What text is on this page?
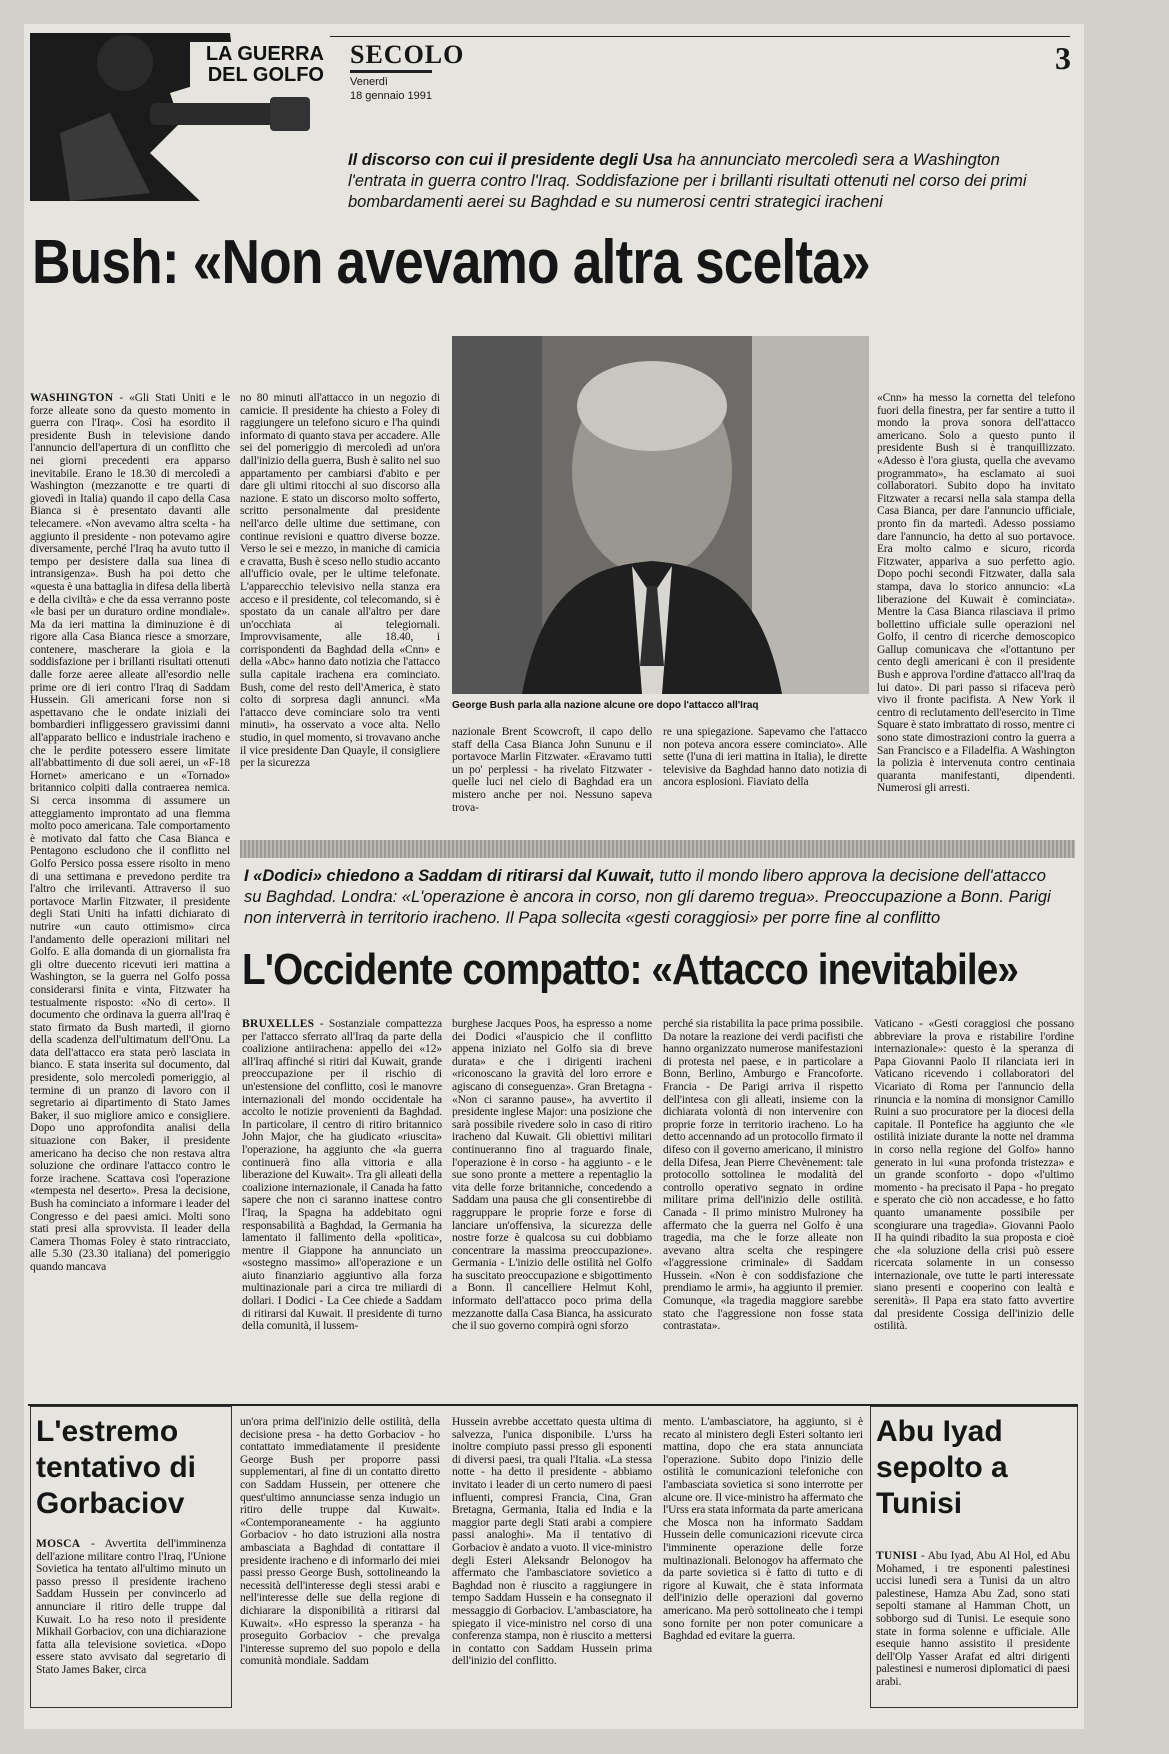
LA GUERRA DEL GOLFO
SECOLO
Venerdì
18 gennaio 1991
3
Il discorso con cui il presidente degli Usa ha annunciato mercoledì sera a Washington l'entrata in guerra contro l'Iraq. Soddisfazione per i brillanti risultati ottenuti nel corso dei primi bombardamenti aerei su Baghdad e su numerosi centri strategici iracheni
Bush: «Non avevamo altra scelta»
George Bush parla alla nazione alcune ore dopo l'attacco all'Iraq
WASHINGTON - «Gli Stati Uniti e le forze alleate sono da questo momento in guerra con l'Iraq». Così ha esordito il presidente Bush in televisione dando l'annuncio dell'apertura di un conflitto che nei giorni precedenti era apparso inevitabile. Erano le 18.30 di mercoledì a Washington (mezzanotte e tre quarti di giovedì in Italia) quando il capo della Casa Bianca si è presentato davanti alle telecamere. «Non avevamo altra scelta - ha aggiunto il presidente - non potevamo agire diversamente, perché l'Iraq ha avuto tutto il tempo per desistere dalla sua linea di intransigenza». Bush ha poi detto che «questa è una battaglia in difesa della libertà e della civiltà» e che da essa verranno poste «le basi per un duraturo ordine mondiale». Ma da ieri mattina la diminuzione è di rigore alla Casa Bianca riesce a smorzare, contenere, mascherare la gioia e la soddisfazione per i brillanti risultati ottenuti dalle forze aeree alleate all'esordio nelle prime ore di ieri contro l'Iraq di Saddam Hussein. Gli americani forse non si aspettavano che le ondate iniziali dei bombardieri infliggessero gravissimi danni all'apparato bellico e industriale iracheno e che le perdite potessero essere limitate all'abbattimento di due soli aerei, un «F-18 Hornet» americano e un «Tornado» britannico colpiti dalla contraerea nemica. Si cerca insomma di assumere un atteggiamento improntato ad una flemma molto poco americana. Tale comportamento è motivato dal fatto che Casa Bianca e Pentagono escludono che il conflitto nel Golfo Persico possa essere risolto in meno di una settimana e prevedono perdite tra l'altro che irrilevanti. Attraverso il suo portavoce Marlin Fitzwater, il presidente degli Stati Uniti ha infatti dichiarato di nutrire «un cauto ottimismo» circa l'andamento delle operazioni militari nel Golfo. E alla domanda di un giornalista fra gli oltre duecento ricevuti ieri mattina a Washington, se la guerra nel Golfo possa considerarsi finita e vinta, Fitzwater ha testualmente risposto: «No di certo». Il documento che ordinava la guerra all'Iraq è stato firmato da Bush martedì, il giorno della scadenza dell'ultimatum dell'Onu. La data dell'attacco era stata però lasciata in bianco. E stata inserita sul documento, dal presidente, solo mercoledì pomeriggio, al termine di un pranzo di lavoro con il segretario ai dipartimento di Stato James Baker, il suo migliore amico e consigliere. Dopo uno approfondita analisi della situazione con Baker, il presidente americano ha deciso che non restava altra soluzione che ordinare l'attacco contro le forze irachene. Scattava così l'operazione «tempesta nel deserto». Presa la decisione, Bush ha cominciato a informare i leader del Congresso e dei paesi amici. Molti sono stati presi alla sprovvista. Il leader della Camera Thomas Foley è stato rintracciato, alle 5.30 (23.30 italiana) del pomeriggio quando mancava
no 80 minuti all'attacco in un negozio di camicie. Il presidente ha chiesto a Foley di raggiungere un telefono sicuro e l'ha quindi informato di quanto stava per accadere. Alle sei del pomeriggio di mercoledì ad un'ora dall'inizio della guerra, Bush è salito nel suo appartamento per cambiarsi d'abito e per dare gli ultimi ritocchi al suo discorso alla nazione. E stato un discorso molto sofferto, scritto personalmente dal presidente nell'arco delle ultime due settimane, con continue revisioni e quattro diverse bozze. Verso le sei e mezzo, in maniche di camicia e cravatta, Bush è sceso nello studio accanto all'ufficio ovale, per le ultime telefonate. L'apparecchio televisivo nella stanza era acceso e il presidente, col telecomando, si è spostato da un canale all'altro per dare un'occhiata ai telegiornali. Improvvisamente, alle 18.40, i corrispondenti da Baghdad della «Cnn» e della «Abc» hanno dato notizia che l'attacco sulla capitale irachena era cominciato. Bush, come del resto dell'America, è stato colto di sorpresa dagli annunci. «Ma l'attacco deve cominciare solo tra venti minuti», ha osservato a voce alta. Nello studio, in quel momento, si trovavano anche il vice presidente Dan Quayle, il consigliere per la sicurezza
nazionale Brent Scowcroft, il capo dello staff della Casa Bianca John Sununu e il portavoce Marlin Fitzwater. «Eravamo tutti un po' perplessi - ha rivelato Fitzwater - quelle luci nel cielo di Baghdad era un mistero anche per noi. Nessuno sapeva trova-
re una spiegazione. Sapevamo che l'attacco non poteva ancora essere cominciato». Alle sette (l'una di ieri mattina in Italia), le dirette televisive da Baghdad hanno dato notizia di ancora esplosioni. Fiaviato della
«Cnn» ha messo la cornetta del telefono fuori della finestra, per far sentire a tutto il mondo la prova sonora dell'attacco americano. Solo a questo punto il presidente Bush si è tranquillizzato. «Adesso è l'ora giusta, quella che avevamo programmato», ha esclamato ai suoi collaboratori. Subito dopo ha invitato Fitzwater a recarsi nella sala stampa della Casa Bianca, per dare l'annuncio ufficiale, pronto fin da martedì. Adesso possiamo dare l'annuncio, ha detto al suo portavoce. Era molto calmo e sicuro, ricorda Fitzwater, appariva a suo perfetto agio. Dopo pochi secondi Fitzwater, dalla sala stampa, dava lo storico annuncio: «La liberazione del Kuwait è cominciata». Mentre la Casa Bianca rilasciava il primo bollettino ufficiale sulle operazioni nel Golfo, il centro di ricerche demoscopico Gallup comunicava che «l'ottantuno per cento degli americani è con il presidente Bush e approva l'ordine d'attacco all'Iraq da lui dato». Di pari passo si rifaceva però vivo il fronte pacifista. A New York il centro di reclutamento dell'esercito in Time Square è stato imbrattato di rosso, mentre ci sono state dimostrazioni contro la guerra a San Francisco e a Filadelfia. A Washington la polizia è intervenuta contro centinaia quaranta manifestanti, dipendenti. Numerosi gli arresti.
I «Dodici» chiedono a Saddam di ritirarsi dal Kuwait, tutto il mondo libero approva la decisione dell'attacco su Baghdad. Londra: «L'operazione è ancora in corso, non gli daremo tregua». Preoccupazione a Bonn. Parigi non interverrà in territorio iracheno. Il Papa sollecita «gesti coraggiosi» per porre fine al conflitto
L'Occidente compatto: «Attacco inevitabile»
BRUXELLES - Sostanziale compattezza per l'attacco sferrato all'Iraq da parte della coalizione antiirachena: appello dei «12» all'Iraq affinché si ritiri dal Kuwait, grande preoccupazione per il rischio di un'estensione del conflitto, così le manovre internazionali del mondo occidentale ha accolto le notizie provenienti da Baghdad. In particolare, il centro di ritiro britannico John Major, che ha giudicato «riuscita» l'operazione, ha aggiunto che «la guerra continuerà fino alla vittoria e alla liberazione del Kuwait». Tra gli alleati della coalizione internazionale, il Canada ha fatto sapere che non ci saranno inattese contro l'Iraq, la Spagna ha addebitato ogni responsabilità a Baghdad, la Germania ha lamentato il fallimento della «politica», mentre il Giappone ha annunciato un «sostegno massimo» all'operazione e un aiuto finanziario aggiuntivo alla forza multinazionale pari a circa tre miliardi di dollari. I Dodici - La Cee chiede a Saddam di ritirarsi dal Kuwait. Il presidente di turno della comunità, il lussem-
burghese Jacques Poos, ha espresso a nome dei Dodici «l'auspicio che il conflitto appena iniziato nel Golfo sia di breve durata» e che i dirigenti iracheni «riconoscano la gravità del loro errore e agiscano di conseguenza». Gran Bretagna - «Non ci saranno pause», ha avvertito il presidente inglese Major: una posizione che sarà possibile rivedere solo in caso di ritiro iracheno dal Kuwait. Gli obiettivi militari continueranno fino al traguardo finale, l'operazione è in corso - ha aggiunto - e le sue sono pronte a mettere a repentaglio la vita delle forze britanniche, concedendo a Saddam una pausa che gli consentirebbe di raggruppare le proprie forze e forse di lanciare un'offensiva, la sicurezza delle nostre forze è qualcosa su cui dobbiamo concentrare la massima preoccupazione». Germania - L'inizio delle ostilità nel Golfo ha suscitato preoccupazione e sbigottimento a Bonn. Il cancelliere Helmut Kohl, informato dell'attacco poco prima della mezzanotte dalla Casa Bianca, ha assicurato che il suo governo compirà ogni sforzo
perché sia ristabilita la pace prima possibile. Da notare la reazione dei verdi pacifisti che hanno organizzato numerose manifestazioni di protesta nel paese, e in particolare a Bonn, Berlino, Amburgo e Francoforte. Francia - De Parigi arriva il rispetto dell'intesa con gli alleati, insieme con la dichiarata volontà di non intervenire con proprie forze in territorio iracheno. Lo ha detto accennando ad un protocollo firmato il difeso con il governo americano, il ministro della Difesa, Jean Pierre Chevènement: tale protocollo sottolinea le modalità del controllo operativo segnato in ordine militare prima dell'inizio delle ostilità. Canada - Il primo ministro Mulroney ha affermato che la guerra nel Golfo è una tragedia, ma che le forze alleate non avevano altra scelta che respingere «l'aggressione criminale» di Saddam Hussein. «Non è con soddisfazione che prendiamo le armi», ha aggiunto il premier. Comunque, «la tragedia maggiore sarebbe stato che l'aggressione non fosse stata contrastata».
Vaticano - «Gesti coraggiosi che possano abbreviare la prova e ristabilire l'ordine internazionale»: questo è la speranza di Papa Giovanni Paolo II rilanciata ieri in Vaticano ricevendo i collaboratori del Vicariato di Roma per l'annuncio della rinuncia e la nomina di monsignor Camillo Ruini a suo procuratore per la diocesi della capitale. Il Pontefice ha aggiunto che «le ostilità iniziate durante la notte nel dramma in corso nella regione del Golfo» hanno generato in lui «una profonda tristezza» e un grande sconforto - dopo «l'ultimo momento - ha precisato il Papa - ho pregato e sperato che ciò non accadesse, e ho fatto quanto umanamente possibile per scongiurare una tragedia». Giovanni Paolo II ha quindi ribadito la sua proposta e cioè che «la soluzione della crisi può essere ricercata solamente in un consesso internazionale, ove tutte le parti interessate siano presenti e cooperino con lealtà e serenità». Il Papa era stato fatto avvertire dal presidente Cossiga dell'inizio delle ostilità.
L'estremo tentativo di Gorbaciov
MOSCA - Avvertita dell'imminenza dell'azione militare contro l'Iraq, l'Unione Sovietica ha tentato all'ultimo minuto un passo presso il presidente iracheno Saddam Hussein per convincerlo ad annunciare il ritiro delle truppe dal Kuwait. Lo ha reso noto il presidente Mikhail Gorbaciov, con una dichiarazione fatta alla televisione sovietica. «Dopo essere stato avvisato dal segretario di Stato James Baker, circa
un'ora prima dell'inizio delle ostilità, della decisione presa - ha detto Gorbaciov - ho contattato immediatamente il presidente George Bush per proporre passi supplementari, al fine di un contatto diretto con Saddam Hussein, per ottenere che quest'ultimo annunciasse senza indugio un ritiro delle truppe dal Kuwait». «Contemporaneamente - ha aggiunto Gorbaciov - ho dato istruzioni alla nostra ambasciata a Baghdad di contattare il presidente iracheno e di informarlo dei miei passi presso George Bush, sottolineando la necessità dell'interesse degli stessi arabi e nell'interesse delle sue della regione di dichiarare la disponibilità a ritirarsi dal Kuwait». «Ho espresso la speranza - ha proseguito Gorbaciov - che prevalga l'interesse supremo del suo popolo e della comunità mondiale. Saddam
Hussein avrebbe accettato questa ultima di salvezza, l'unica disponibile. L'urss ha inoltre compiuto passi presso gli esponenti di diversi paesi, tra quali l'Italia. «La stessa notte - ha detto il presidente - abbiamo invitato i leader di un certo numero di paesi influenti, compresi Francia, Cina, Gran Bretagna, Germania, Italia ed India e la maggior parte degli Stati arabi a compiere passi analoghi». Ma il tentativo di Gorbaciov è andato a vuoto. Il vice-ministro degli Esteri Aleksandr Belonogov ha affermato che l'ambasciatore sovietico a Baghdad non è riuscito a raggiungere in tempo Saddam Hussein e ha consegnato il messaggio di Gorbaciov. L'ambasciatore, ha spiegato il vice-ministro nel corso di una conferenza stampa, non è riuscito a mettersi in contatto con Saddam Hussein prima dell'inizio del conflitto.
mento. L'ambasciatore, ha aggiunto, si è recato al ministero degli Esteri soltanto ieri mattina, dopo che era stata annunciata l'operazione. Subito dopo l'inizio delle ostilità le comunicazioni telefoniche con l'ambasciata sovietica si sono interrotte per alcune ore. Il vice-ministro ha affermato che l'Urss era stata informata da parte americana che Mosca non ha informato Saddam Hussein delle comunicazioni ricevute circa l'imminente operazione delle forze multinazionali. Belonogov ha affermato che da parte sovietica si è fatto di tutto e di rigore al Kuwait, che è stata informata dell'inizio delle operazioni dal governo americano. Ma però sottolineato che i tempi sono fornite per non poter comunicare a Baghdad ed evitare la guerra.
Abu Iyad sepolto a Tunisi
TUNISI - Abu Iyad, Abu Al Hol, ed Abu Mohamed, i tre esponenti palestinesi uccisi lunedì sera a Tunisi da un altro palestinese, Hamza Abu Zad, sono stati sepolti stamane al Hamman Chott, un sobborgo sud di Tunisi. Le esequie sono state in forma solenne e ufficiale. Alle esequie hanno assistito il presidente dell'Olp Yasser Arafat ed altri dirigenti palestinesi e numerosi diplomatici di paesi arabi.
